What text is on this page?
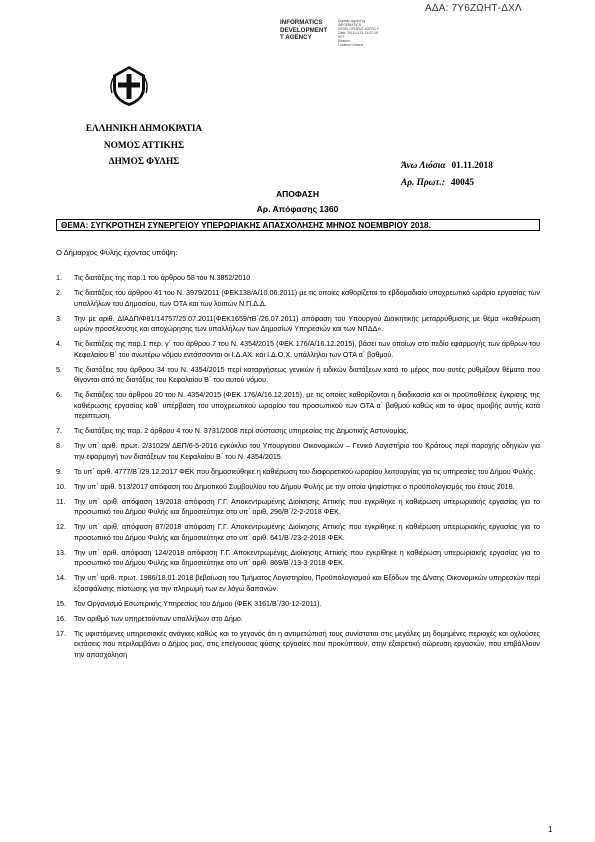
ΑΔΑ: 7Υ6ΖΩΗΤ-ΔΧΛ
INFORMATICS
DEVELOPMENT
T AGENCY
Digitally signed by
INFORMATICS
DEVELOPMENT AGENCY
Date: 2018.11.01 14:37:19
EET
Reason:
Location: Athens
ΕΛΛΗΝΙΚΗ ΔΗΜΟΚΡΑΤΙΑ
ΝΟΜΟΣ ΑΤΤΙΚΗΣ
ΔΗΜΟΣ ΦΥΛΗΣ	Άνω Λιόσια 01.11.2018
Αρ. Πρωτ.: 40045
ΑΠΟΦΑΣΗ
Αρ. Απόφασης 1360
ΘΕΜΑ: ΣΥΓΚΡΟΤΗΣΗ ΣΥΝΕΡΓΕΙΟΥ ΥΠΕΡΩΡΙΑΚΗΣ ΑΠΑΣΧΟΛΗΣΗΣ ΜΗΝΟΣ ΝΟΕΜΒΡΙΟΥ 2018.
Ο Δήμαρχος Φυλής έχοντας υπόψη:
1. Τις διατάξεις της παρ.1 του άρθρου 58 του Ν.3852/2010
2. Τις διατάξεις του άρθρου 41 του Ν. 3979/2011 (ΦΕΚ138/Α/10.06.2011) με τις οποίες καθορίζεται το εβδομαδιαίο υποχρεωτικό ωράριο εργασίας των υπαλλήλων του Δημοσίου, των ΟΤΑ και των λοιπών Ν.Π.Δ.Δ.
3. Την με αριθ. ΔΙΑΔΠ/Φ81/14757/25.07.2011(ΦΕΚ1659/τΒ΄/26.07.2011) απόφαση του Υπουργού Διοικητικής μεταρρύθμισης με θέμα «καθιέρωση ωρών προσέλευσης και αποχώρησης των υπαλλήλων των Δημοσίων Υπηρεσιών και των ΝΠΔΔ».
4. Τις διατάξεις της παρ.1 περ. γ΄ του άρθρου 7 του Ν. 4354/2015 (ΦΕΚ 176/Α/16.12.2015), βάσει των οποίων στο πεδίο εφαρμογής των άρθρων του Κεφαλαίου Β΄ του ανωτέρω νόμου εντάσσονται οι Ι.Δ.ΑΧ. και Ι.Δ.Ο.Χ. υπάλληλοι των ΟΤΑ α΄ βαθμού.
5. Τις διατάξεις του άρθρου 34 του Ν. 4354/2015 περί καταργήσεως γενικών ή ειδικών διατάξεων κατά το μέρος που αυτές ρυθμίζουν θέματα που θίγονται από τις διατάξεις του Κεφαλαίου Β΄ του αυτού νόμου.
6. Τις διατάξεις του άρθρου 20 του Ν. 4354/2015 (ΦΕΚ 176/Α/16.12.2015), με τις οποίες καθορίζονται η διαδικασία και οι προϋποθέσεις έγκρισης της καθιέρωσης εργασίας καθ΄ υπέρβαση του υποχρεωτικού ωραρίου του προσωπικού των ΟΤΑ α΄ βαθμού καθώς και το ύψος αμοιβής αυτής κατά περίπτωση.
7. Τις διατάξεις της παρ. 2 άρθρου 4 του Ν. 3731/2008 περί σύστασης υπηρεσίας της Δημοτικής Αστυνομίας.
8. Την υπ΄ αριθ. πρωτ. 2/31029/ ΔΕΠ/6-5-2016 εγκύκλιο του Υπουργείου Οικονομικών – Γενικό Λογιστήριο του Κράτους περί παροχής οδηγιών για την εφαρμογή των διατάξεων του Κεφαλαίου Β΄ του Ν. 4354/2015.
9. Το υπ΄ αριθ. 4777/Β΄/29.12.2017 ΦΕΚ που δημοσιεύθηκε η καθιέρωση του διαφορετικού ωραρίου λειτουργίας για τις υπηρεσίες του Δήμου Φυλής.
10. Την υπ΄ αριθ. 513/2017 απόφαση του Δημοτικού Συμβουλίου του Δήμου Φυλής με την οποία ψηφίστηκε ο προϋπολογισμός του έτους 2018.
11. Την υπ΄ αριθ. απόφαση 19/2018 απόφαση Γ.Γ. Αποκεντρωμένης Διοίκησης Αττικής που εγκρίθηκε η καθιέρωση υπερωριακής εργασίας για το προσωπικό του Δήμου Φυλής και δημοσιεύτηκε στο υπ΄ αριθ. 296/Β΄/2-2-2018 ΦΕΚ.
12. Την υπ΄ αριθ. απόφαση 87/2018 απόφαση Γ.Γ. Αποκεντρωμένης Διοίκησης Αττικής που εγκρίθηκε η καθιέρωση υπερωριακής εργασίας για το προσωπικό του Δήμου Φυλής και δημοσιεύτηκε στο υπ΄ αριθ. 641/Β΄/23-2-2018 ΦΕΚ.
13. Την υπ΄ αριθ. απόφαση 124/2018 απόφαση Γ.Γ. Αποκεντρωμένης Διοίκησης Αττικής που εγκρίθηκε η καθιέρωση υπερωριακής εργασίας για το προσωπικό του Δήμου Φυλής και δημοσιεύτηκε στο υπ΄ αριθ. 869/Β΄/13-3-2018 ΦΕΚ.
14. Την υπ΄ αριθ. πρωτ. 1986/18.01.2018 βεβαίωση του Τμήματος Λογιστηρίου, Προϋπολογισμού και Εξόδων της Δ/νσης Οικονομικών υπηρεσιών περί εξασφάλισης πίστωσης για την πληρωμή των εν λόγω δαπανών.
15. Τον Οργανισμό Εσωτερικής Υπηρεσίας του Δήμου (ΦΕΚ 3161/Β΄/30-12-2011).
16. Τον αριθμό των υπηρετούντων υπαλλήλων στο Δήμο.
17. Τις υφιστάμενες υπηρεσιακές ανάγκες καθώς και το γεγονός ότι η αντιμετώπισή τους συνίσταται στις μεγάλες μη δομημένες περιοχές και οχλούσες εκτάσεις που περιλαμβάνει ο Δήμος μας, στις επείγουσας φύσης εργασίες που προκύπτουν, στην εξαιρετική σώρευση εργασιών, που επιβάλλουν την απασχόληση
1
